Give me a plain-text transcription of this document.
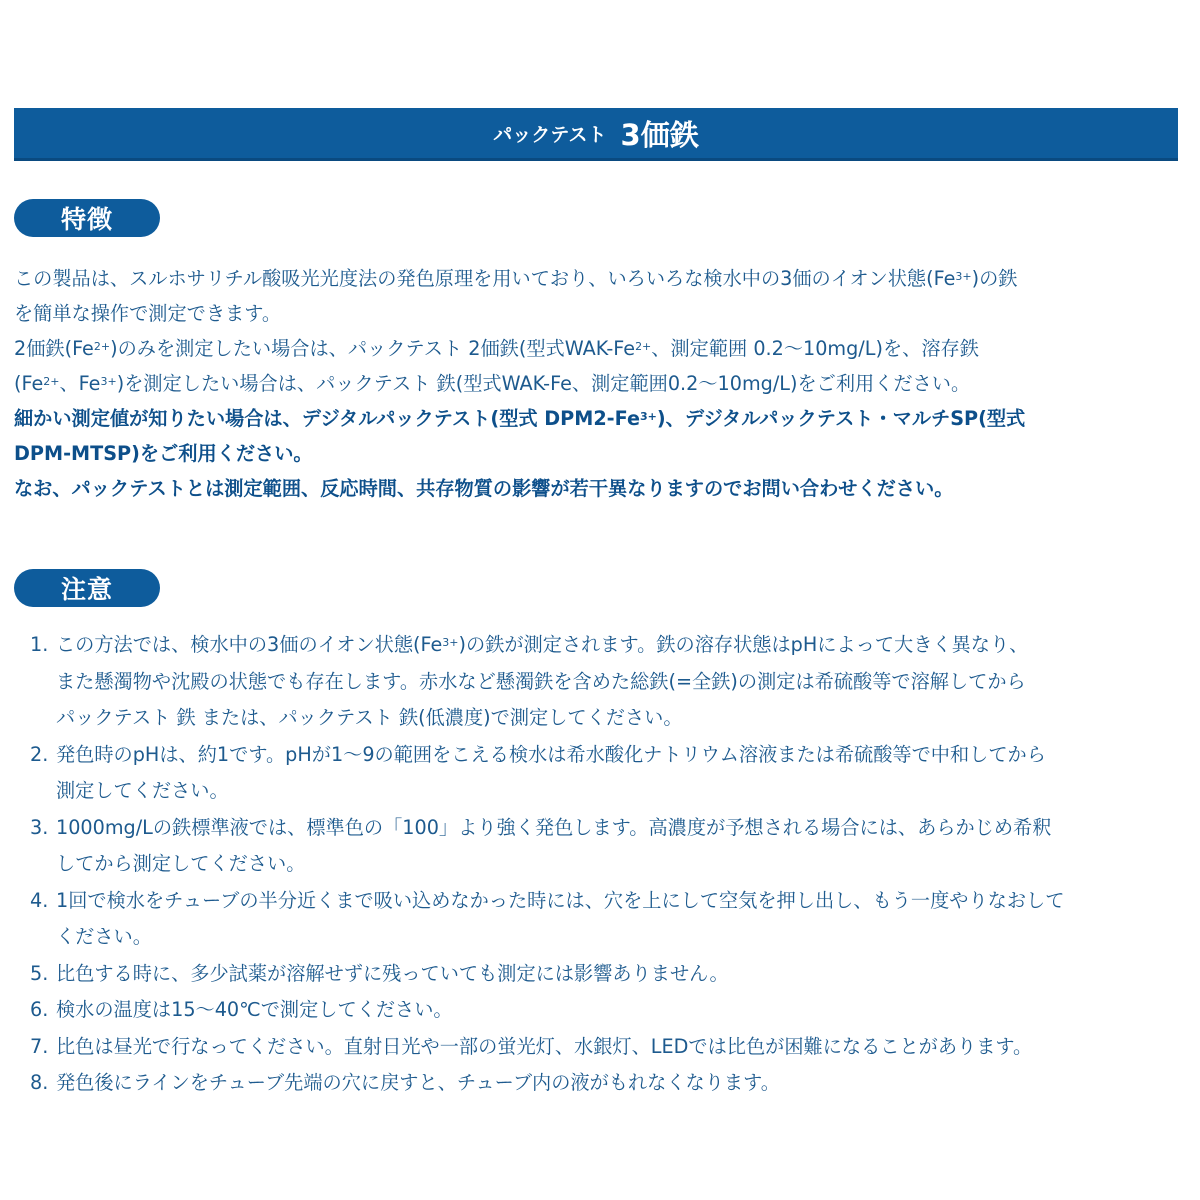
パックテスト 3価鉄
特徴
この製品は、スルホサリチル酸吸光光度法の発色原理を用いており、いろいろな検水中の3価のイオン状態$(Fe^{3+})$の鉄
を簡単な操作で測定できます。
2価鉄$(Fe^{2+})$のみを測定したい場合は、パックテスト 2価鉄(型式WAK-$Fe^{2+}$、測定範囲 0.2〜10mg/L)を、溶存鉄
($Fe^{2+}$、$Fe^{3+}$)を測定したい場合は、パックテスト 鉄(型式WAK-Fe、測定範囲0.2〜10mg/L)をご利用ください。
細かい測定値が知りたい場合は、デジタルパックテスト(型式 $DPM2-Fe^{3+}$)、デジタルパックテスト・マルチSP(型式
DPM-MTSP)をご利用ください。
なお、パックテストとは測定範囲、反応時間、共存物質の影響が若干異なりますのでお問い合わせください。
注意
1. この方法では、検水中の3価のイオン状態$(Fe^{3+})$の鉄が測定されます。鉄の溶存状態はpHによって大きく異なり、
また懸濁物や沈殿の状態でも存在します。赤水など懸濁鉄を含めた総鉄(=全鉄)の測定は希硫酸等で溶解してから
パックテスト 鉄 または、パックテスト 鉄(低濃度)で測定してください。
2. 発色時のpHは、約1です。pHが1〜9の範囲をこえる検水は希水酸化ナトリウム溶液または希硫酸等で中和してから
測定してください。
3. 1000mg/Lの鉄標準液では、標準色の「100」より強く発色します。高濃度が予想される場合には、あらかじめ希釈
してから測定してください。
4. 1回で検水をチューブの半分近くまで吸い込めなかった時には、穴を上にして空気を押し出し、もう一度やりなおして
ください。
5. 比色する時に、多少試薬が溶解せずに残っていても測定には影響ありません。
6. 検水の温度は15〜40℃で測定してください。
7. 比色は昼光で行なってください。直射日光や一部の蛍光灯、水銀灯、LEDでは比色が困難になることがあります。
8. 発色後にラインをチューブ先端の穴に戻すと、チューブ内の液がもれなくなります。
